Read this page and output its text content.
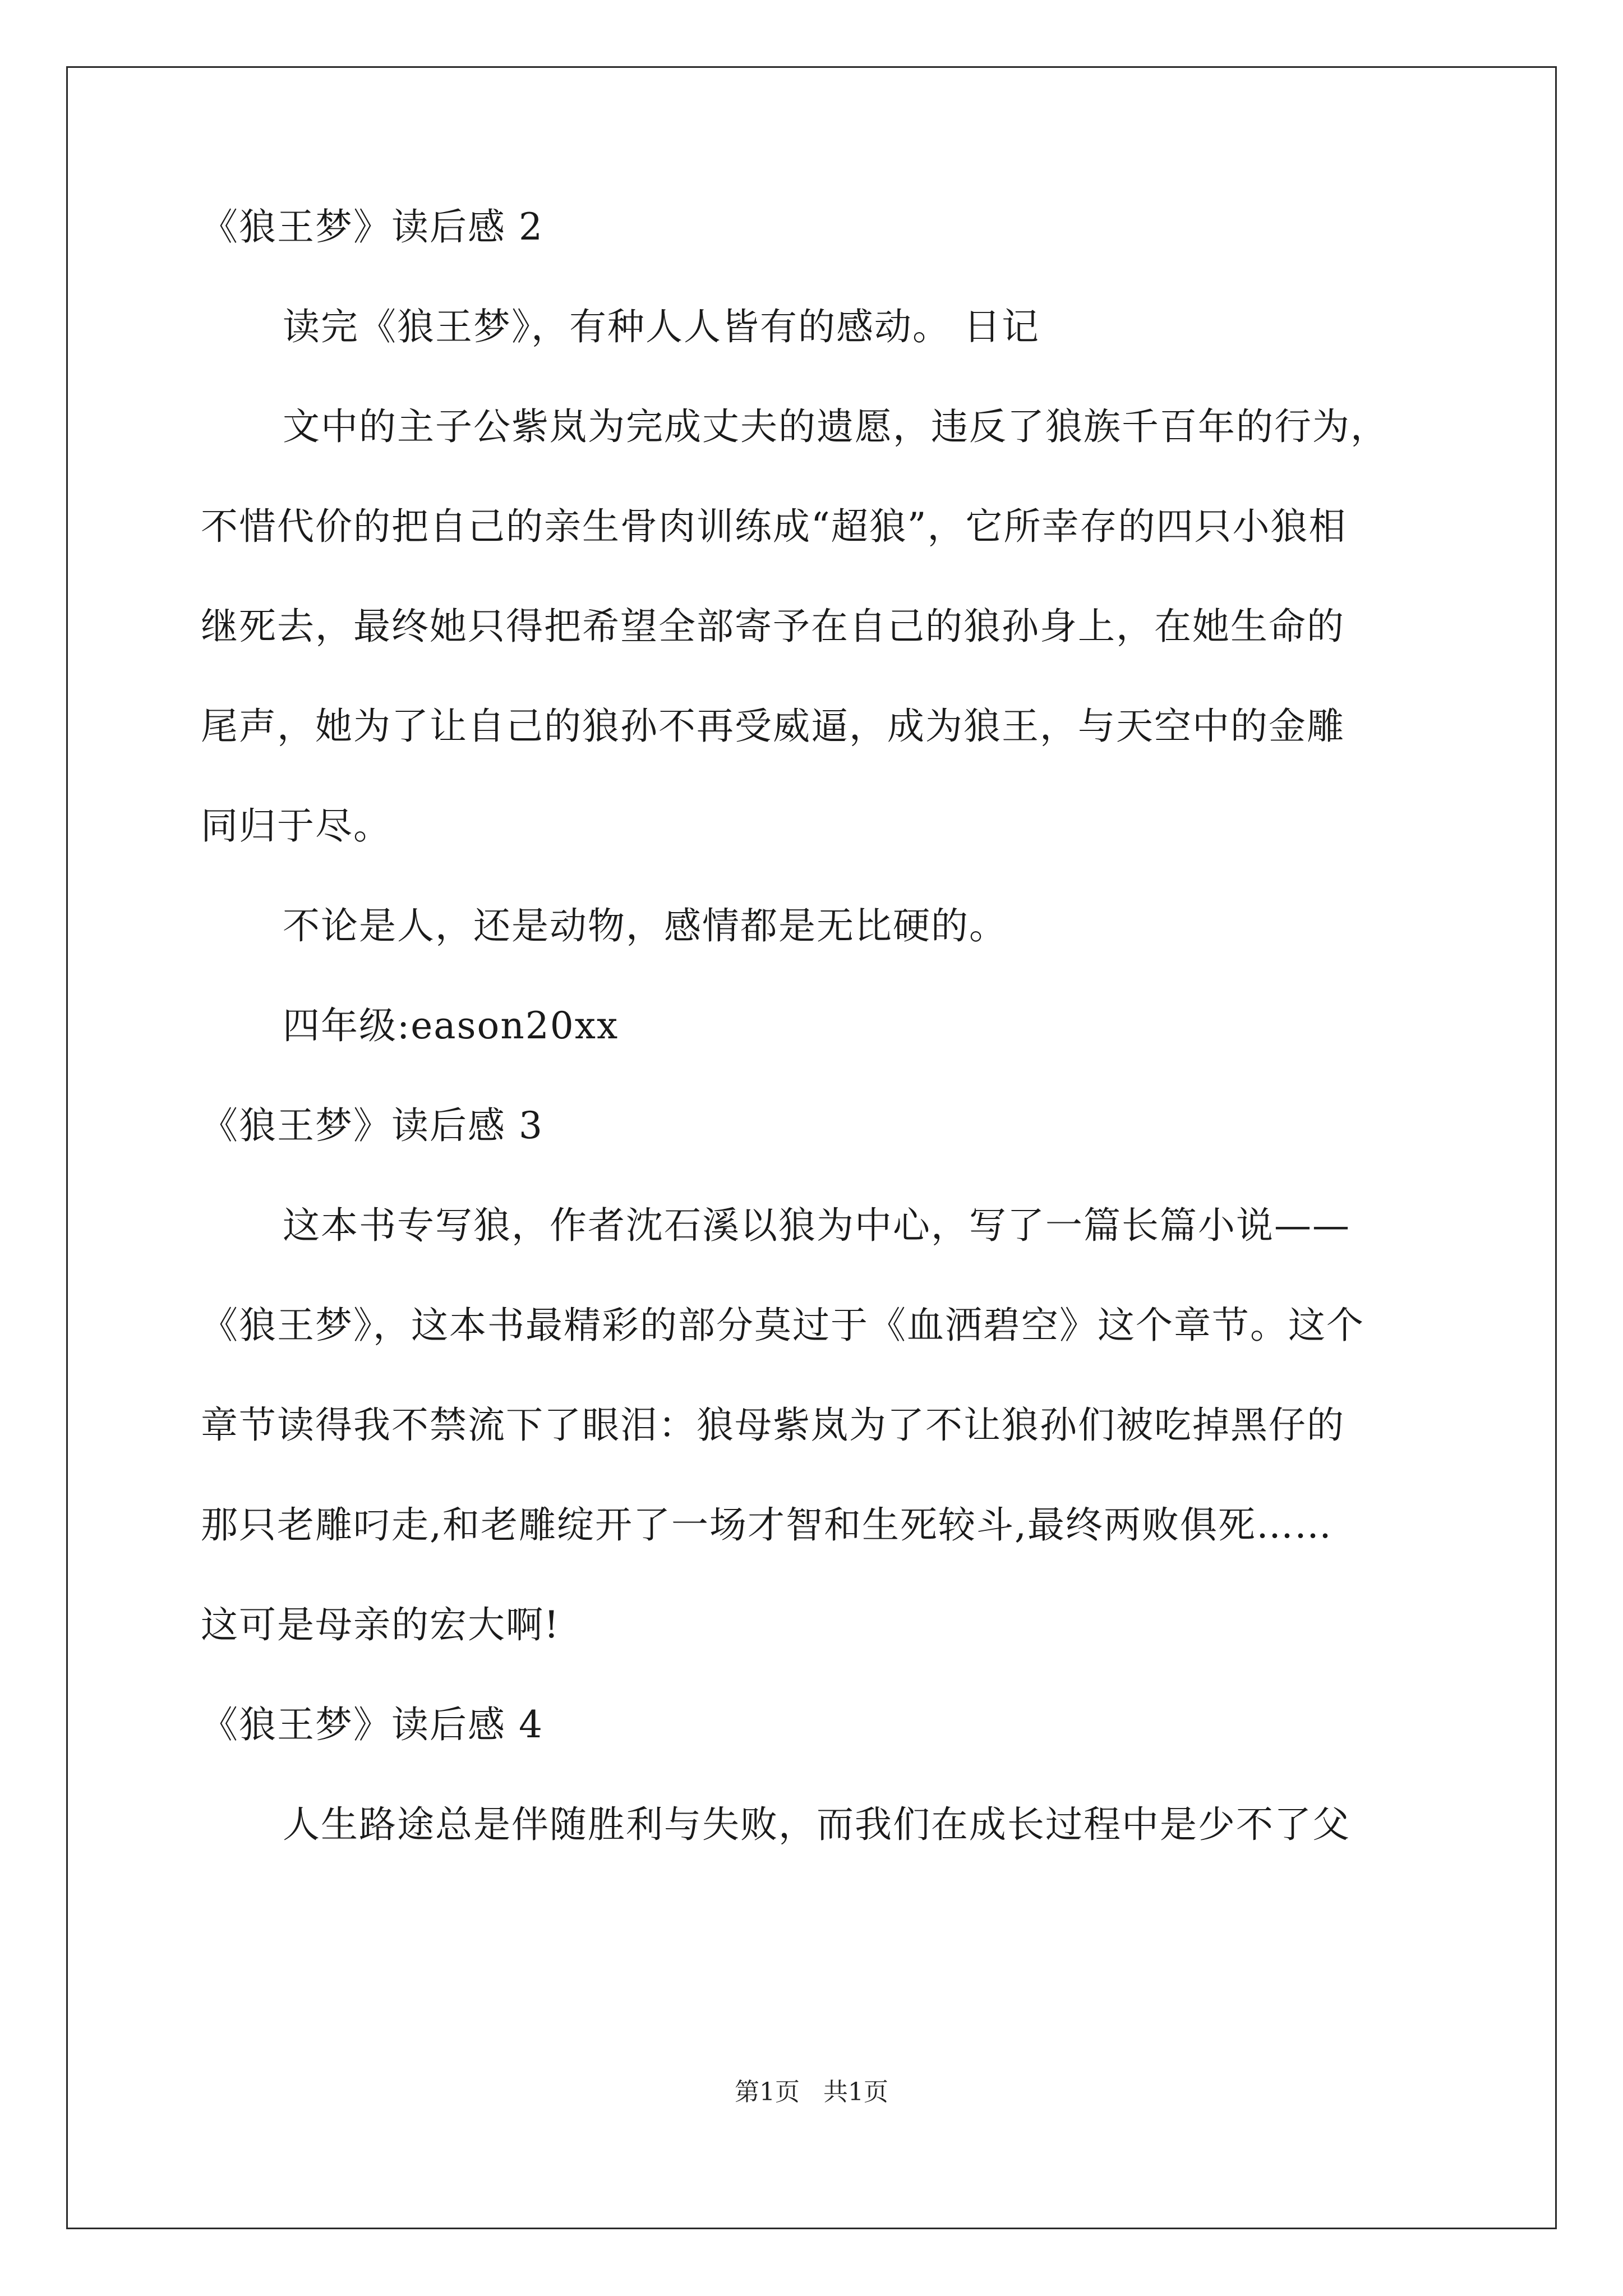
《狼王梦》读后感 2
读完《狼王梦》，有种人人皆有的感动。 日记
文中的主子公紫岚为完成丈夫的遗愿，违反了狼族千百年的行为，
不惜代价的把自己的亲生骨肉训练成“超狼”，它所幸存的四只小狼相
继死去，最终她只得把希望全部寄予在自己的狼孙身上，在她生命的
尾声，她为了让自己的狼孙不再受威逼，成为狼王，与天空中的金雕
同归于尽。
不论是人，还是动物，感情都是无比硬的。
四年级:eason20xx
《狼王梦》读后感 3
这本书专写狼，作者沈石溪以狼为中心，写了一篇长篇小说——
《狼王梦》，这本书最精彩的部分莫过于《血洒碧空》这个章节。这个
章节读得我不禁流下了眼泪：狼母紫岚为了不让狼孙们被吃掉黑仔的
那只老雕叼走,和老雕绽开了一场才智和生死较斗,最终两败俱死……
这可是母亲的宏大啊!
《狼王梦》读后感 4
人生路途总是伴随胜利与失败，而我们在成长过程中是少不了父
第1页 共1页
